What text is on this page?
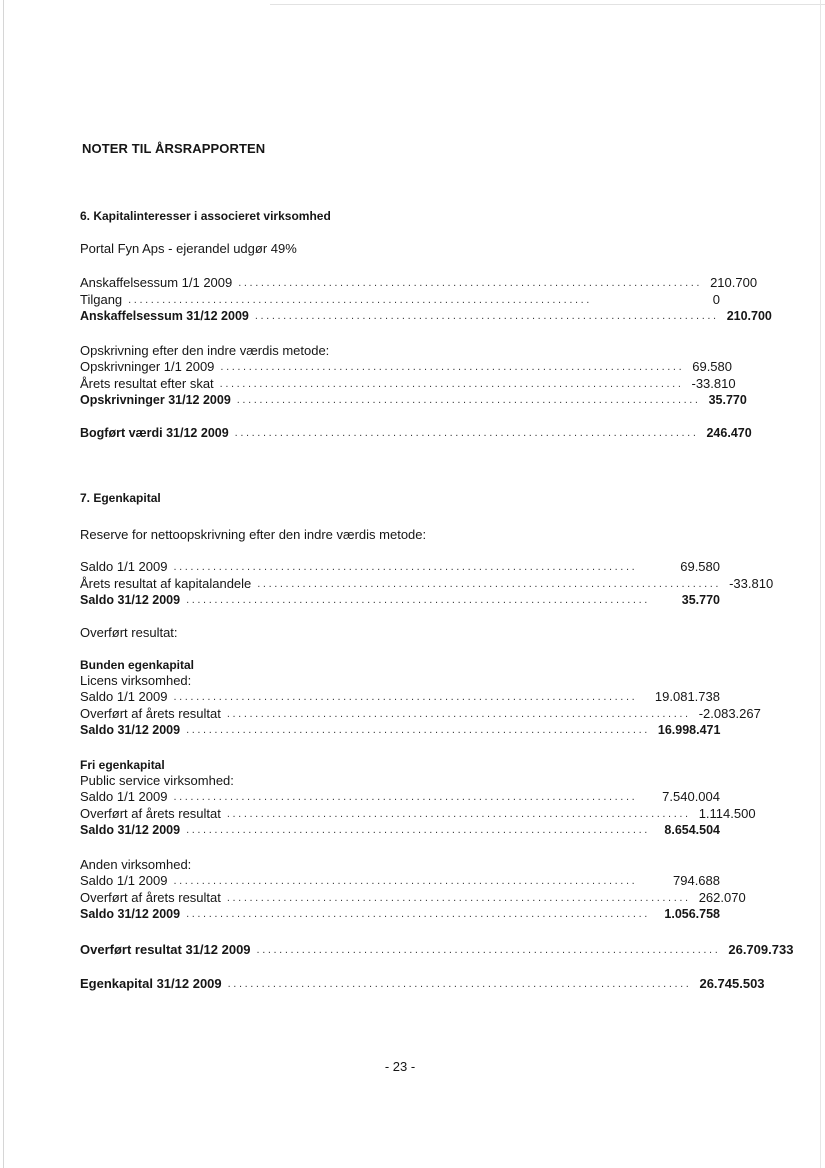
NOTER TIL ÅRSRAPPORTEN
6. Kapitalinteresser i associeret virksomhed
Portal Fyn Aps - ejerandel udgør 49%
Anskaffelsessum 1/1 2009 .................................................................................. 210.700
Tilgang ..................................................................................	0
Anskaffelsessum 31/12 2009 .................................................................................. 210.700
Opskrivning efter den indre værdis metode:
Opskrivninger 1/1 2009 .................................................................................. 69.580
Årets resultat efter skat .................................................................................. -33.810
Opskrivninger 31/12 2009 .................................................................................. 35.770
Bogført værdi 31/12 2009 .................................................................................. 246.470
7. Egenkapital
Reserve for nettoopskrivning efter den indre værdis metode:
Saldo 1/1 2009 ..................................................................................	69.580
Årets resultat af kapitalandele .................................................................................. -33.810
Saldo 31/12 2009 ..................................................................................	35.770
Overført resultat:
Bunden egenkapital
Licens virksomhed:
Saldo 1/1 2009 ..................................................................................	19.081.738
Overført af årets resultat .................................................................................. -2.083.267
Saldo 31/12 2009 .................................................................................. 16.998.471
Fri egenkapital
Public service virksomhed:
Saldo 1/1 2009 ..................................................................................	7.540.004
Overført af årets resultat .................................................................................. 1.114.500
Saldo 31/12 2009 ..................................................................................	8.654.504
Anden virksomhed:
Saldo 1/1 2009 ..................................................................................	794.688
Overført af årets resultat .................................................................................. 262.070
Saldo 31/12 2009 ..................................................................................	1.056.758
Overført resultat 31/12 2009 .................................................................................. 26.709.733
Egenkapital 31/12 2009 .................................................................................. 26.745.503
- 23 -
